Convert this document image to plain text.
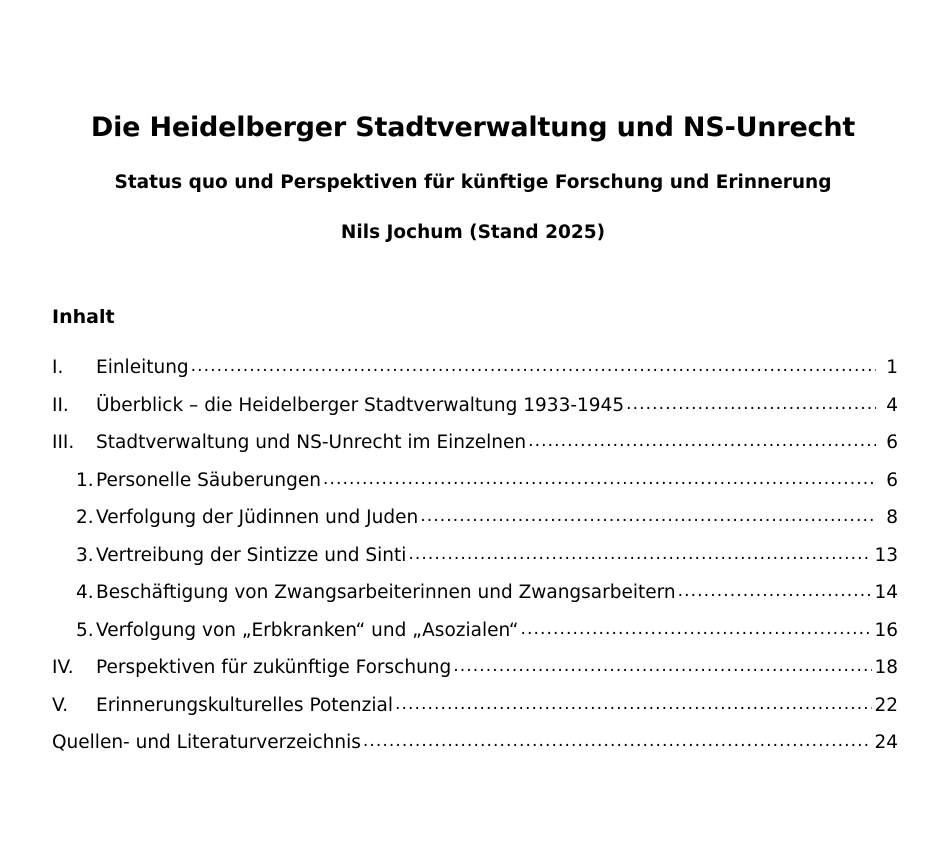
Die Heidelberger Stadtverwaltung und NS-Unrecht
Status quo und Perspektiven für künftige Forschung und Erinnerung
Nils Jochum (Stand 2025)
Inhalt
I.	Einleitung .....	1
II.	Überblick – die Heidelberger Stadtverwaltung 1933-1945 .....	4
III.	Stadtverwaltung und NS-Unrecht im Einzelnen .....	6
1. Personelle Säuberungen .....	6
2. Verfolgung der Jüdinnen und Juden .....	8
3. Vertreibung der Sintizze und Sinti .....	13
4. Beschäftigung von Zwangsarbeiterinnen und Zwangsarbeitern .....	14
5. Verfolgung von „Erbkranken“ und „Asozialen“ .....	16
IV.	Perspektiven für zukünftige Forschung .....	18
V.	Erinnerungskulturelles Potenzial .....	22
Quellen- und Literaturverzeichnis .....	24
